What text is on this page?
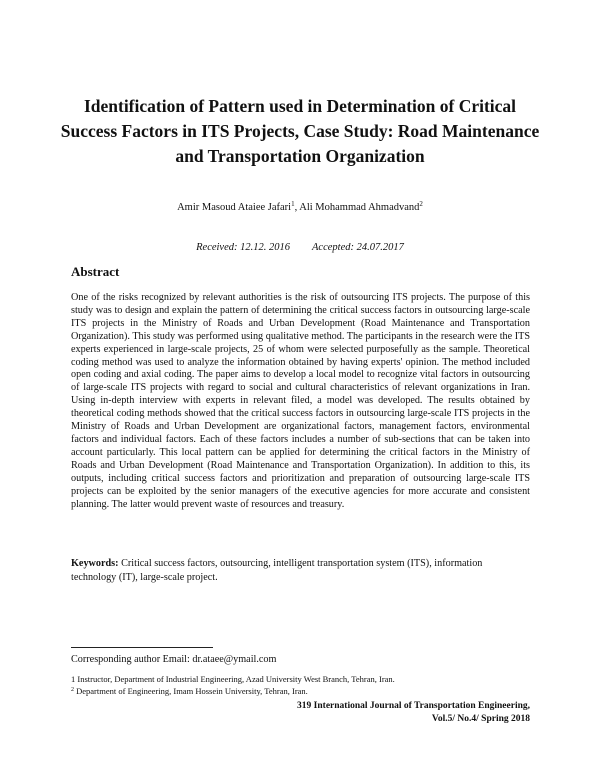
Identification of Pattern used in Determination of Critical Success Factors in ITS Projects, Case Study: Road Maintenance and Transportation Organization
Amir Masoud Ataiee Jafari$^1$, Ali Mohammad Ahmadvand$^2$
Received: 12.12. 2016 Accepted: 24.07.2017
Abstract
One of the risks recognized by relevant authorities is the risk of outsourcing ITS projects. The purpose of this study was to design and explain the pattern of determining the critical success factors in outsourcing large-scale ITS projects in the Ministry of Roads and Urban Development (Road Maintenance and Transportation Organization). This study was performed using qualitative method. The participants in the research were the ITS experts experienced in large-scale projects, 25 of whom were selected purposefully as the sample. Theoretical coding method was used to analyze the information obtained by having experts' opinion. The method included open coding and axial coding. The paper aims to develop a local model to recognize vital factors in outsourcing of large-scale ITS projects with regard to social and cultural characteristics of relevant organizations in Iran. Using in-depth interview with experts in relevant filed, a model was developed. The results obtained by theoretical coding methods showed that the critical success factors in outsourcing large-scale ITS projects in the Ministry of Roads and Urban Development are organizational factors, management factors, environmental factors and individual factors. Each of these factors includes a number of sub-sections that can be taken into account particularly. This local pattern can be applied for determining the critical factors in the Ministry of Roads and Urban Development (Road Maintenance and Transportation Organization). In addition to this, its outputs, including critical success factors and prioritization and preparation of outsourcing large-scale ITS projects can be exploited by the senior managers of the executive agencies for more accurate and consistent planning. The latter would prevent waste of resources and treasury.
Keywords: Critical success factors, outsourcing, intelligent transportation system (ITS), information technology (IT), large-scale project.
Corresponding author Email: dr.ataee@ymail.com
1 Instructor, Department of Industrial Engineering, Azad University West Branch, Tehran, Iran.
$^2$ Department of Engineering, Imam Hossein University, Tehran, Iran.
319 International Journal of Transportation Engineering,
Vol.5/ No.4/ Spring 2018
